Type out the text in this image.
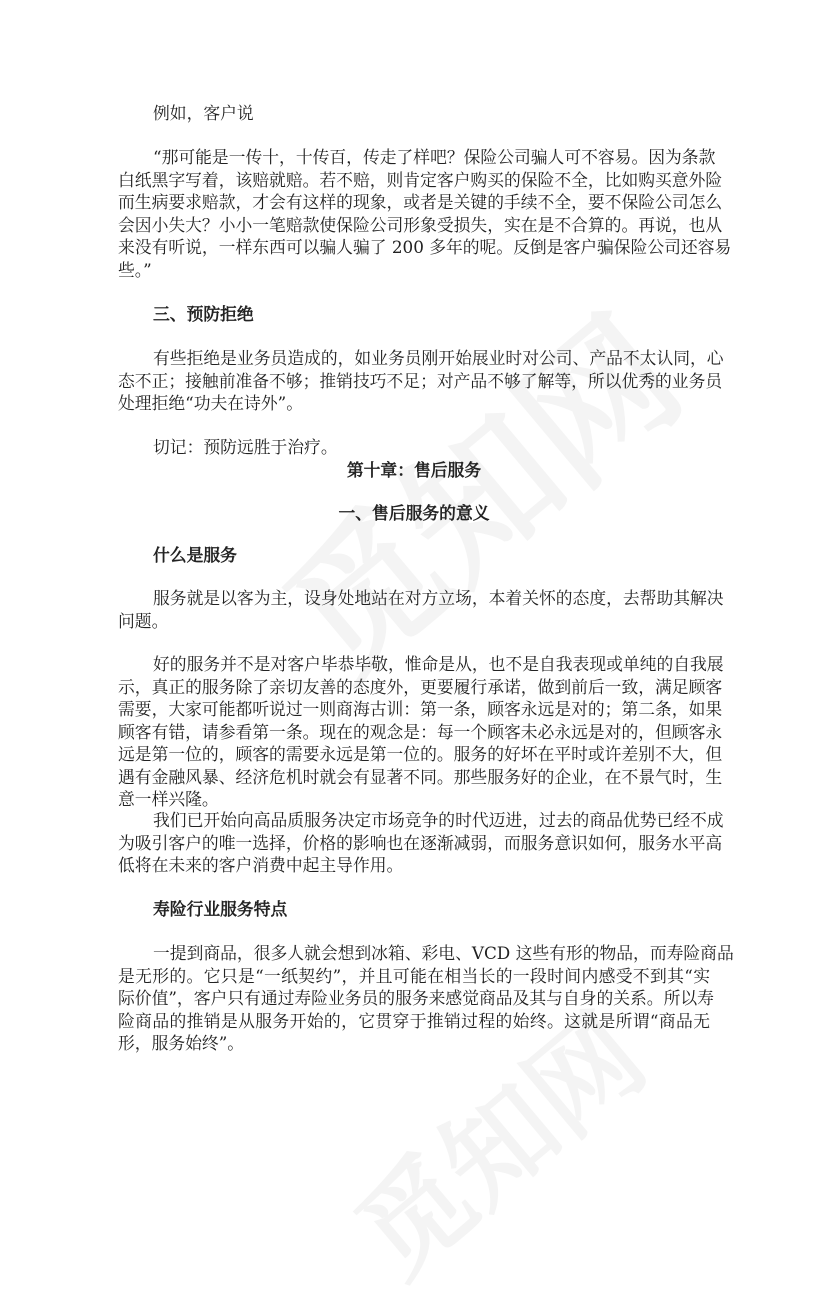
例如，客户说
“那可能是一传十，十传百，传走了样吧？保险公司骗人可不容易。因为条款
白纸黑字写着，该赔就赔。若不赔，则肯定客户购买的保险不全，比如购买意外险
而生病要求赔款，才会有这样的现象，或者是关键的手续不全，要不保险公司怎么
会因小失大？小小一笔赔款使保险公司形象受损失，实在是不合算的。再说，也从
来没有听说，一样东西可以骗人骗了 200 多年的呢。反倒是客户骗保险公司还容易
些。”
三、预防拒绝
有些拒绝是业务员造成的，如业务员刚开始展业时对公司、产品不太认同，心
态不正；接触前准备不够；推销技巧不足；对产品不够了解等，所以优秀的业务员
处理拒绝“功夫在诗外”。
切记：预防远胜于治疗。
第十章：售后服务
一、售后服务的意义
什么是服务
服务就是以客为主，设身处地站在对方立场，本着关怀的态度，去帮助其解决
问题。
好的服务并不是对客户毕恭毕敬，惟命是从，也不是自我表现或单纯的自我展
示，真正的服务除了亲切友善的态度外，更要履行承诺，做到前后一致，满足顾客
需要，大家可能都听说过一则商海古训：第一条，顾客永远是对的；第二条，如果
顾客有错，请参看第一条。现在的观念是：每一个顾客未必永远是对的，但顾客永
远是第一位的，顾客的需要永远是第一位的。服务的好坏在平时或许差别不大，但
遇有金融风暴、经济危机时就会有显著不同。那些服务好的企业，在不景气时，生
意一样兴隆。
我们已开始向高品质服务决定市场竞争的时代迈进，过去的商品优势已经不成
为吸引客户的唯一选择，价格的影响也在逐渐减弱，而服务意识如何，服务水平高
低将在未来的客户消费中起主导作用。
寿险行业服务特点
一提到商品，很多人就会想到冰箱、彩电、VCD 这些有形的物品，而寿险商品
是无形的。它只是“一纸契约”，并且可能在相当长的一段时间内感受不到其“实
际价值”，客户只有通过寿险业务员的服务来感觉商品及其与自身的关系。所以寿
险商品的推销是从服务开始的，它贯穿于推销过程的始终。这就是所谓“商品无
形，服务始终”。
